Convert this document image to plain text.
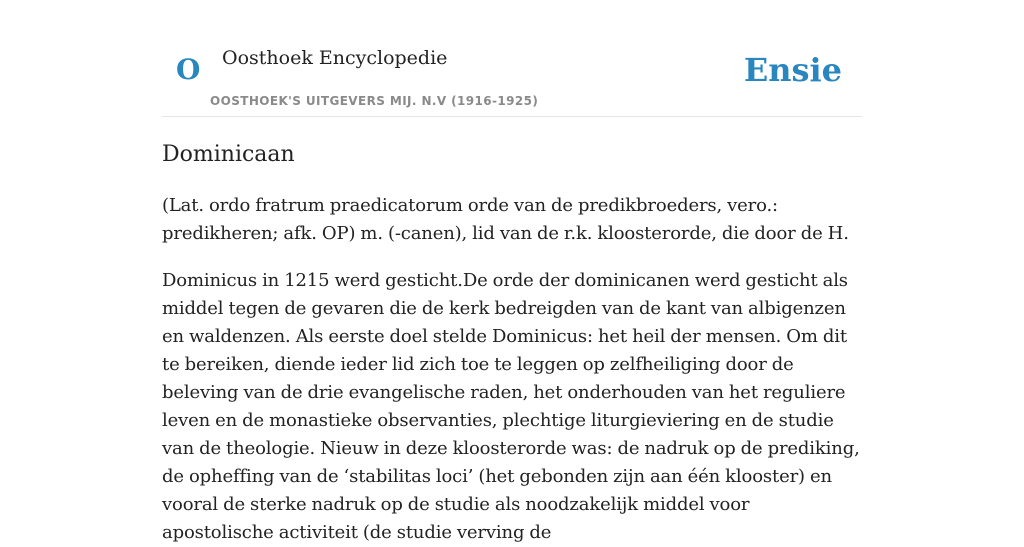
O Oosthoek Encyclopedie
OOSTHOEK'S UITGEVERS MIJ. N.V (1916-1925)
Ensie
Dominicaan

(Lat. ordo fratrum praedicatorum orde van de predikbroeders, vero.: predikheren; afk. OP) m. (-canen), lid van de r.k. kloosterorde, die door de H.

Dominicus in 1215 werd gesticht.De orde der dominicanen werd gesticht als middel tegen de gevaren die de kerk bedreigden van de kant van albigenzen en waldenzen. Als eerste doel stelde Dominicus: het heil der mensen. Om dit te bereiken, diende ieder lid zich toe te leggen op zelfheiliging door de beleving van de drie evangelische raden, het onderhouden van het reguliere leven en de monastieke observanties, plechtige liturgieviering en de studie van de theologie. Nieuw in deze kloosterorde was: de nadruk op de prediking, de opheffing van de ‘stabilitas loci’ (het gebonden zijn aan één klooster) en vooral de sterke nadruk op de studie als noodzakelijk middel voor apostolische activiteit (de studie verving de
